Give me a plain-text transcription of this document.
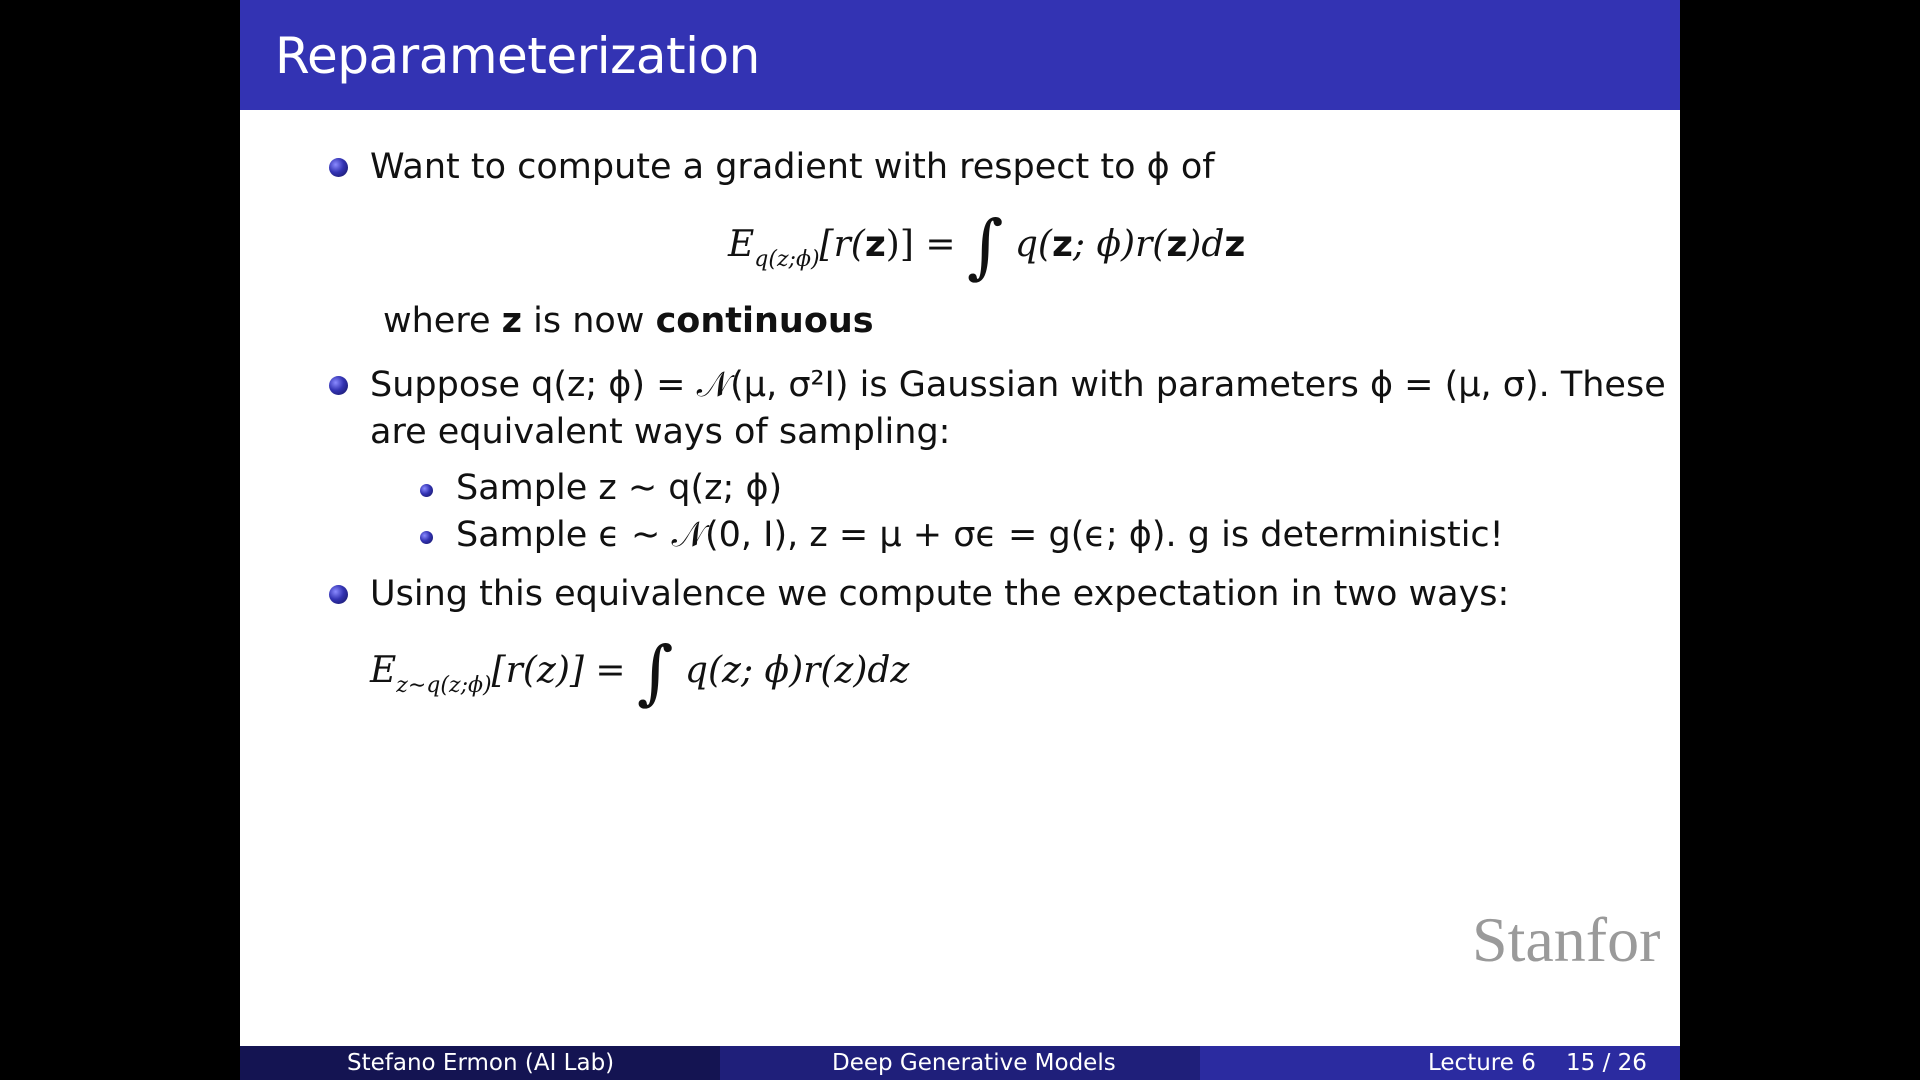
Reparameterization
Want to compute a gradient with respect to ϕ of
$E_{q(z;\phi)}[r(z)]$ = ∫ q(z; ϕ)r(z)dz
where z is now continuous
Suppose q(z; ϕ) = 𝒩(μ, σ²I) is Gaussian with parameters ϕ = (μ, σ). These
are equivalent ways of sampling:
Sample z ∼ q(z; ϕ)
Sample ϵ ∼ 𝒩(0, I), z = μ + σϵ = g(ϵ; ϕ). g is deterministic!
Using this equivalence we compute the expectation in two ways:
$E_{z\sim q(z;\phi)}[r(z)]$ = ∫ q(z; ϕ)r(z)dz
Stanfor
Stefano Ermon (AI Lab)	Deep Generative Models	Lecture 6 15 / 26
